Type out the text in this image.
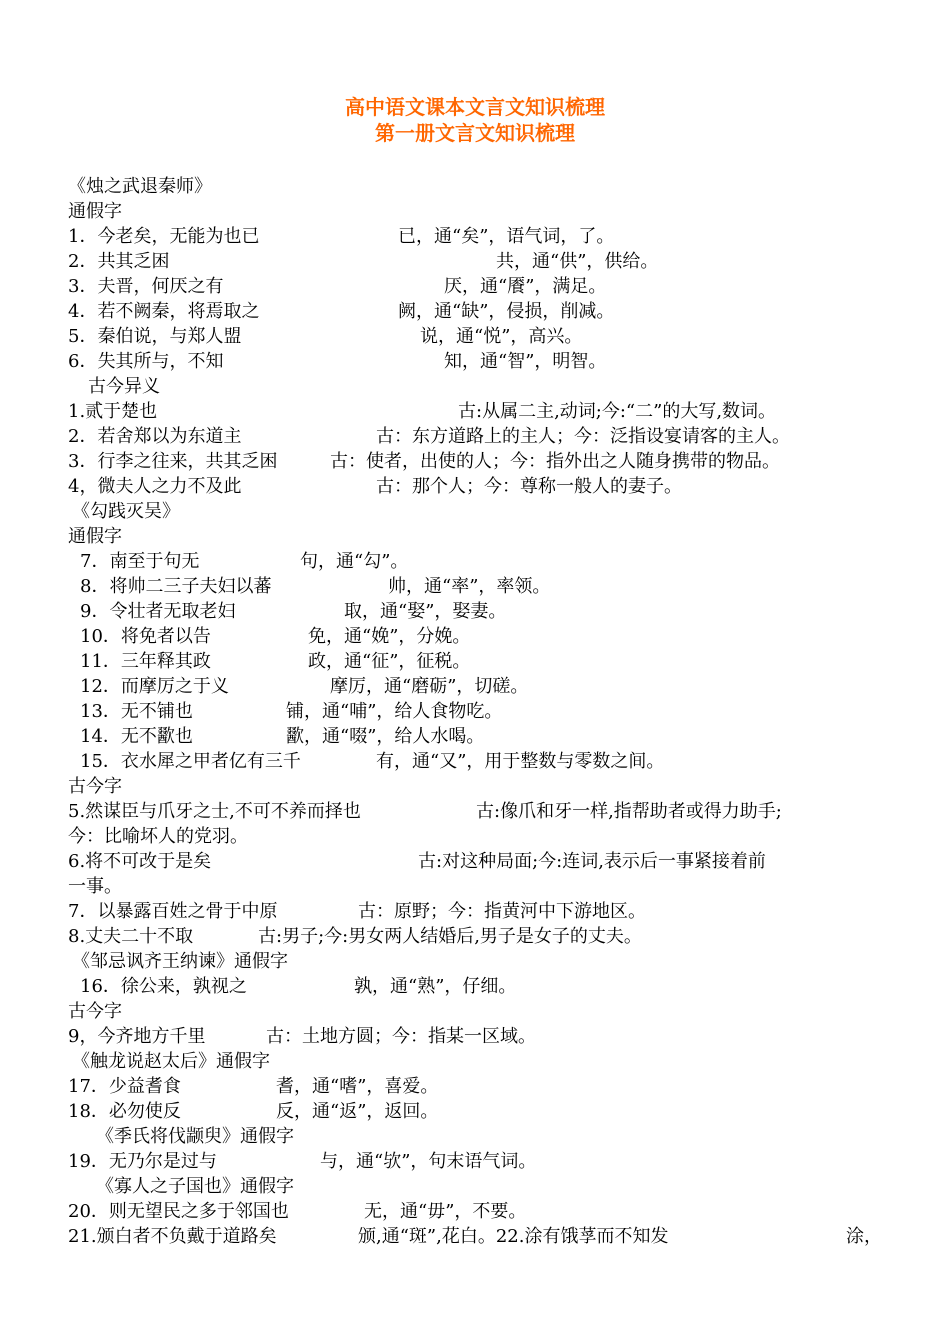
高中语文课本文言文知识梳理
第一册文言文知识梳理
《烛之武退秦师》
通假字
1．今老矣，无能为也已	已，通“矣”，语气词，了。
2．共其乏困	共，通“供”，供给。
3．夫晋，何厌之有	厌，通“餍”，满足。
4．若不阙秦，将焉取之	阙，通“缺”，侵损，削减。
5．秦伯说，与郑人盟	说，通“悦”，高兴。
6．失其所与，不知	知，通“智”，明智。
古今异义
1.贰于楚也	古:从属二主,动词;今:“二”的大写,数词。
2．若舍郑以为东道主	古：东方道路上的主人；今：泛指设宴请客的主人。
3．行李之往来，共其乏困	古：使者，出使的人；今：指外出之人随身携带的物品。
4，微夫人之力不及此	古：那个人；今：尊称一般人的妻子。
《勾践灭吴》
通假字
7．南至于句无	句，通“勾”。
8．将帅二三子夫妇以蕃	帅，通“率”，率领。
9．令壮者无取老妇	取，通“娶”，娶妻。
10．将免者以告	免，通“娩”，分娩。
11．三年释其政	政，通“征”，征税。
12．而摩厉之于义	摩厉，通“磨砺”，切磋。
13．无不铺也	铺，通“哺”，给人食物吃。
14．无不歠也	歠，通“啜”，给人水喝。
15．衣水犀之甲者亿有三千	有，通“又”，用于整数与零数之间。
古今字
5.然谋臣与爪牙之士,不可不养而择也	古:像爪和牙一样,指帮助者或得力助手;
今：比喻坏人的党羽。
6.将不可改于是矣	古:对这种局面;今:连词,表示后一事紧接着前
一事。
7．以暴露百姓之骨于中原	古：原野；今：指黄河中下游地区。
8.丈夫二十不取	古:男子;今:男女两人结婚后,男子是女子的丈夫。
《邹忌讽齐王纳谏》通假字
16．徐公来，孰视之	孰，通“熟”，仔细。
古今字
9，今齐地方千里	古：土地方圆；今：指某一区域。
《触龙说赵太后》通假字
17．少益耆食	耆，通“嗜”，喜爱。
18．必勿使反	反，通“返”，返回。
《季氏将伐颛臾》通假字
19．无乃尔是过与	与，通“欤”，句末语气词。
《寡人之子国也》通假字
20．则无望民之多于邻国也	无，通“毋”，不要。
21.颁白者不负戴于道路矣	颁,通“斑”,花白。22.涂有饿莩而不知发	涂，
